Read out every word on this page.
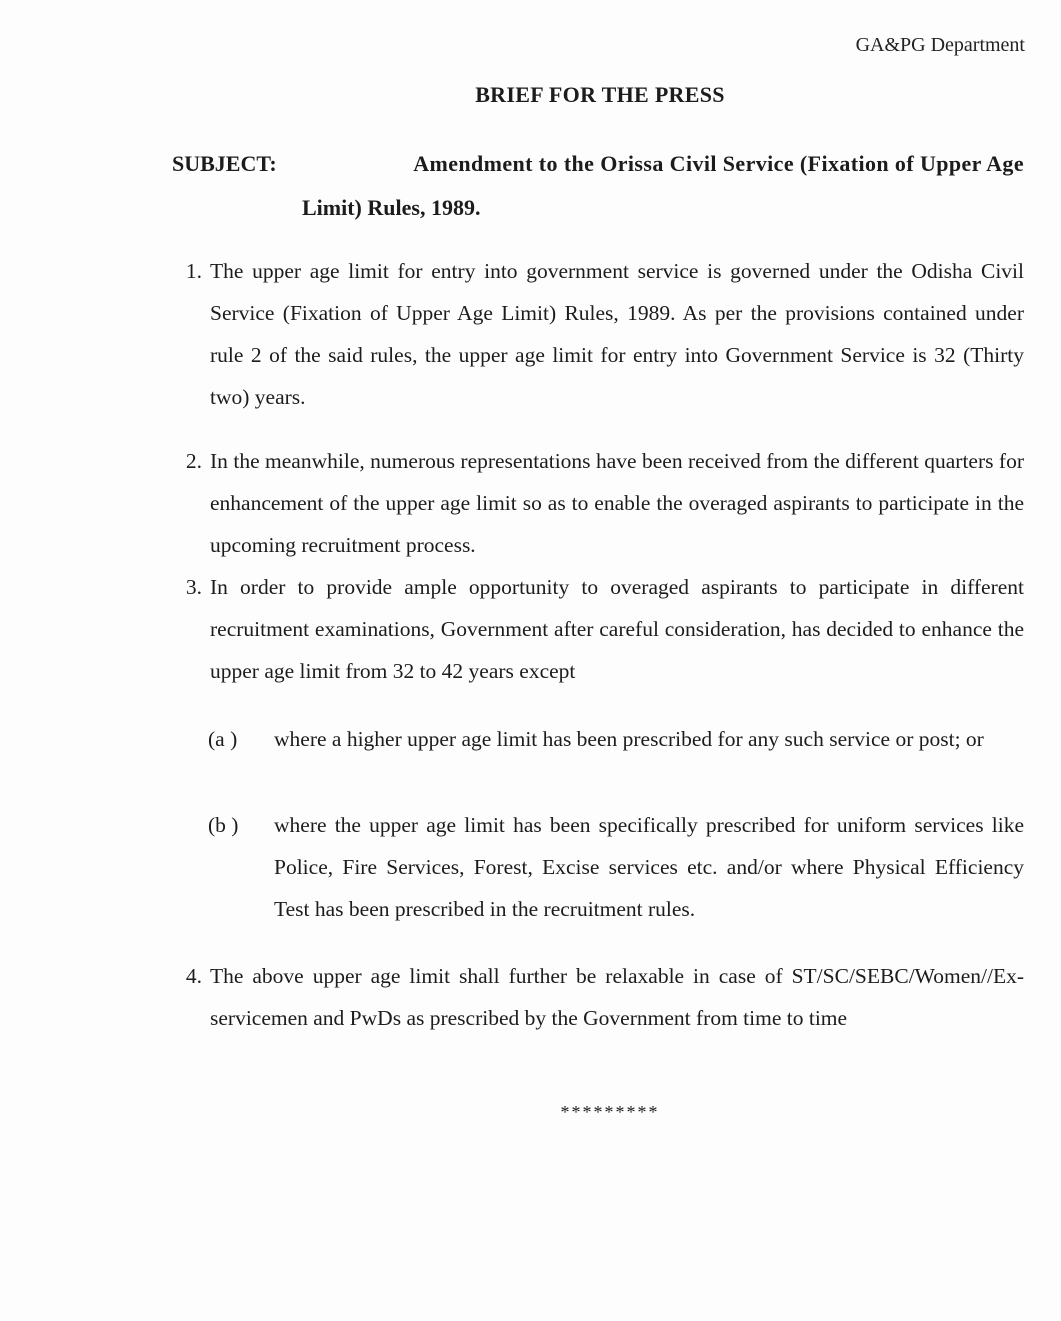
GA&PG Department
BRIEF FOR THE PRESS
SUBJECT:	Amendment to the Orissa Civil Service (Fixation of Upper Age
Limit) Rules, 1989.
1. The upper age limit for entry into government service is governed under the Odisha Civil Service (Fixation of Upper Age Limit) Rules, 1989. As per the provisions contained under rule 2 of the said rules, the upper age limit for entry into Government Service is 32 (Thirty two) years.
2. In the meanwhile, numerous representations have been received from the different quarters for enhancement of the upper age limit so as to enable the overaged aspirants to participate in the upcoming recruitment process.
3. In order to provide ample opportunity to overaged aspirants to participate in different recruitment examinations, Government after careful consideration, has decided to enhance the upper age limit from 32 to 42 years except
(a ) where a higher upper age limit has been prescribed for any such service or post; or
(b ) where the upper age limit has been specifically prescribed for uniform services like Police, Fire Services, Forest, Excise services etc. and/or where Physical Efficiency Test has been prescribed in the recruitment rules.
4. The above upper age limit shall further be relaxable in case of ST/SC/SEBC/Women//Ex-servicemen and PwDs as prescribed by the Government from time to time
*********
